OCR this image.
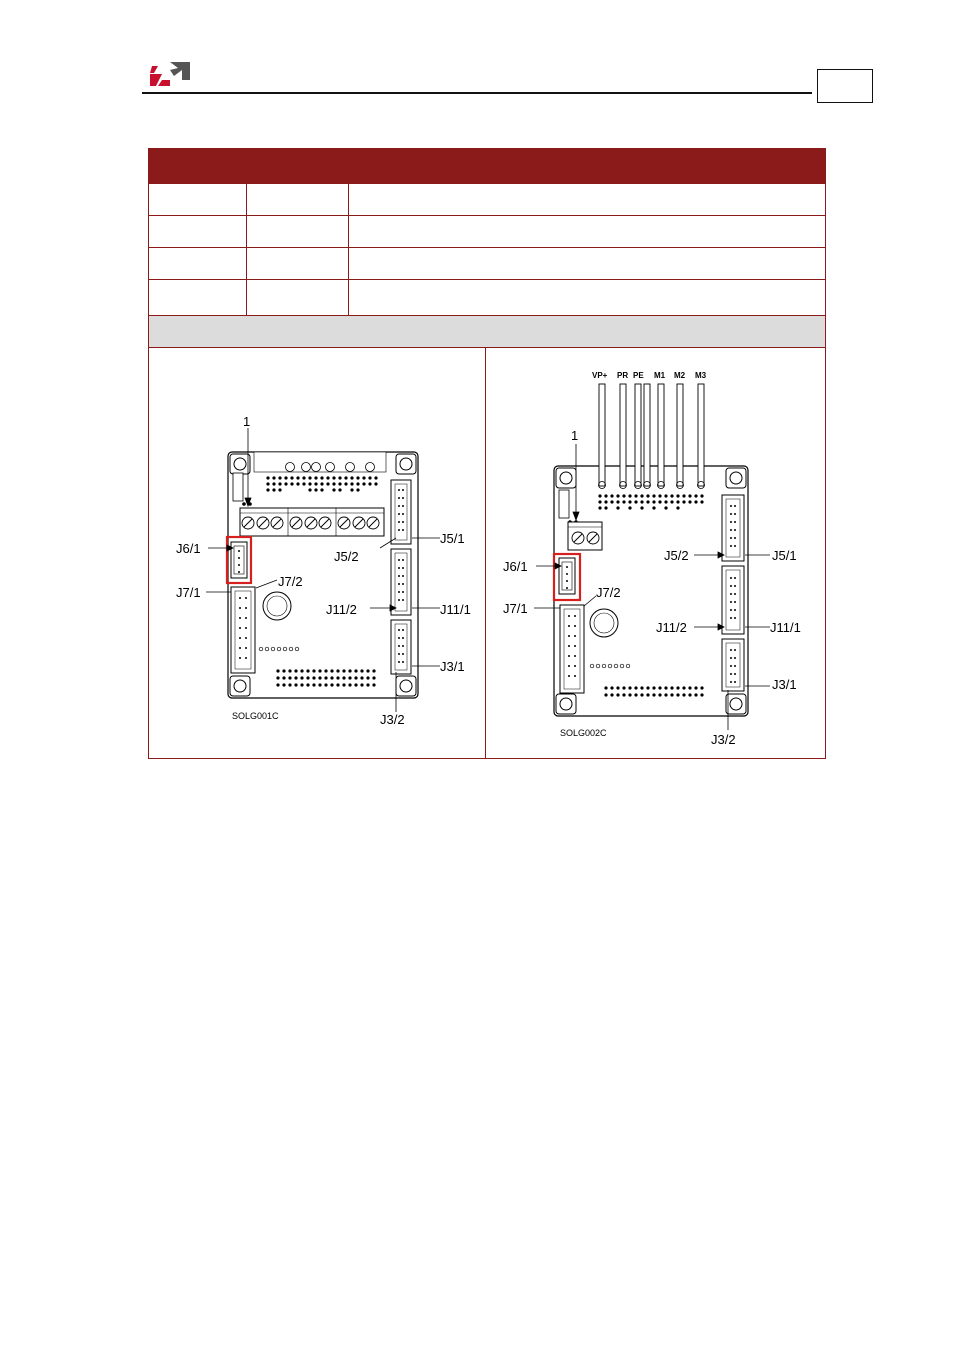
1
J6/1
J7/1
J7/2
J5/1
J5/2
J11/1
J11/2
J3/1
J3/2
SOLG001C
VP+ PR PE M1 M2 M3
1
J6/1
J7/1
J7/2
J5/1
J5/2
J11/1
J11/2
J3/1
J3/2
SOLG002C
